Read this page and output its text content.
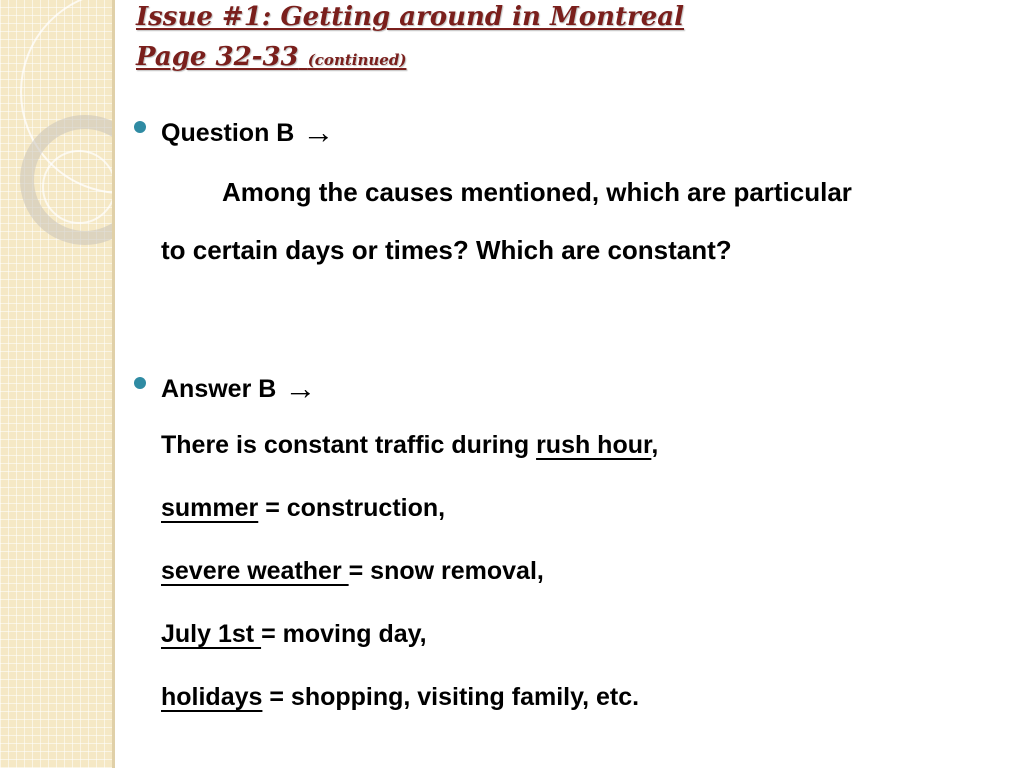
Issue #1: Getting around in Montreal
Page 32-33 (continued)
Question B →
Among the causes mentioned, which are particular
to certain days or times? Which are constant?
Answer B →
There is constant traffic during rush hour,
summer = construction,
severe weather = snow removal,
July 1st = moving day,
holidays = shopping, visiting family, etc.
